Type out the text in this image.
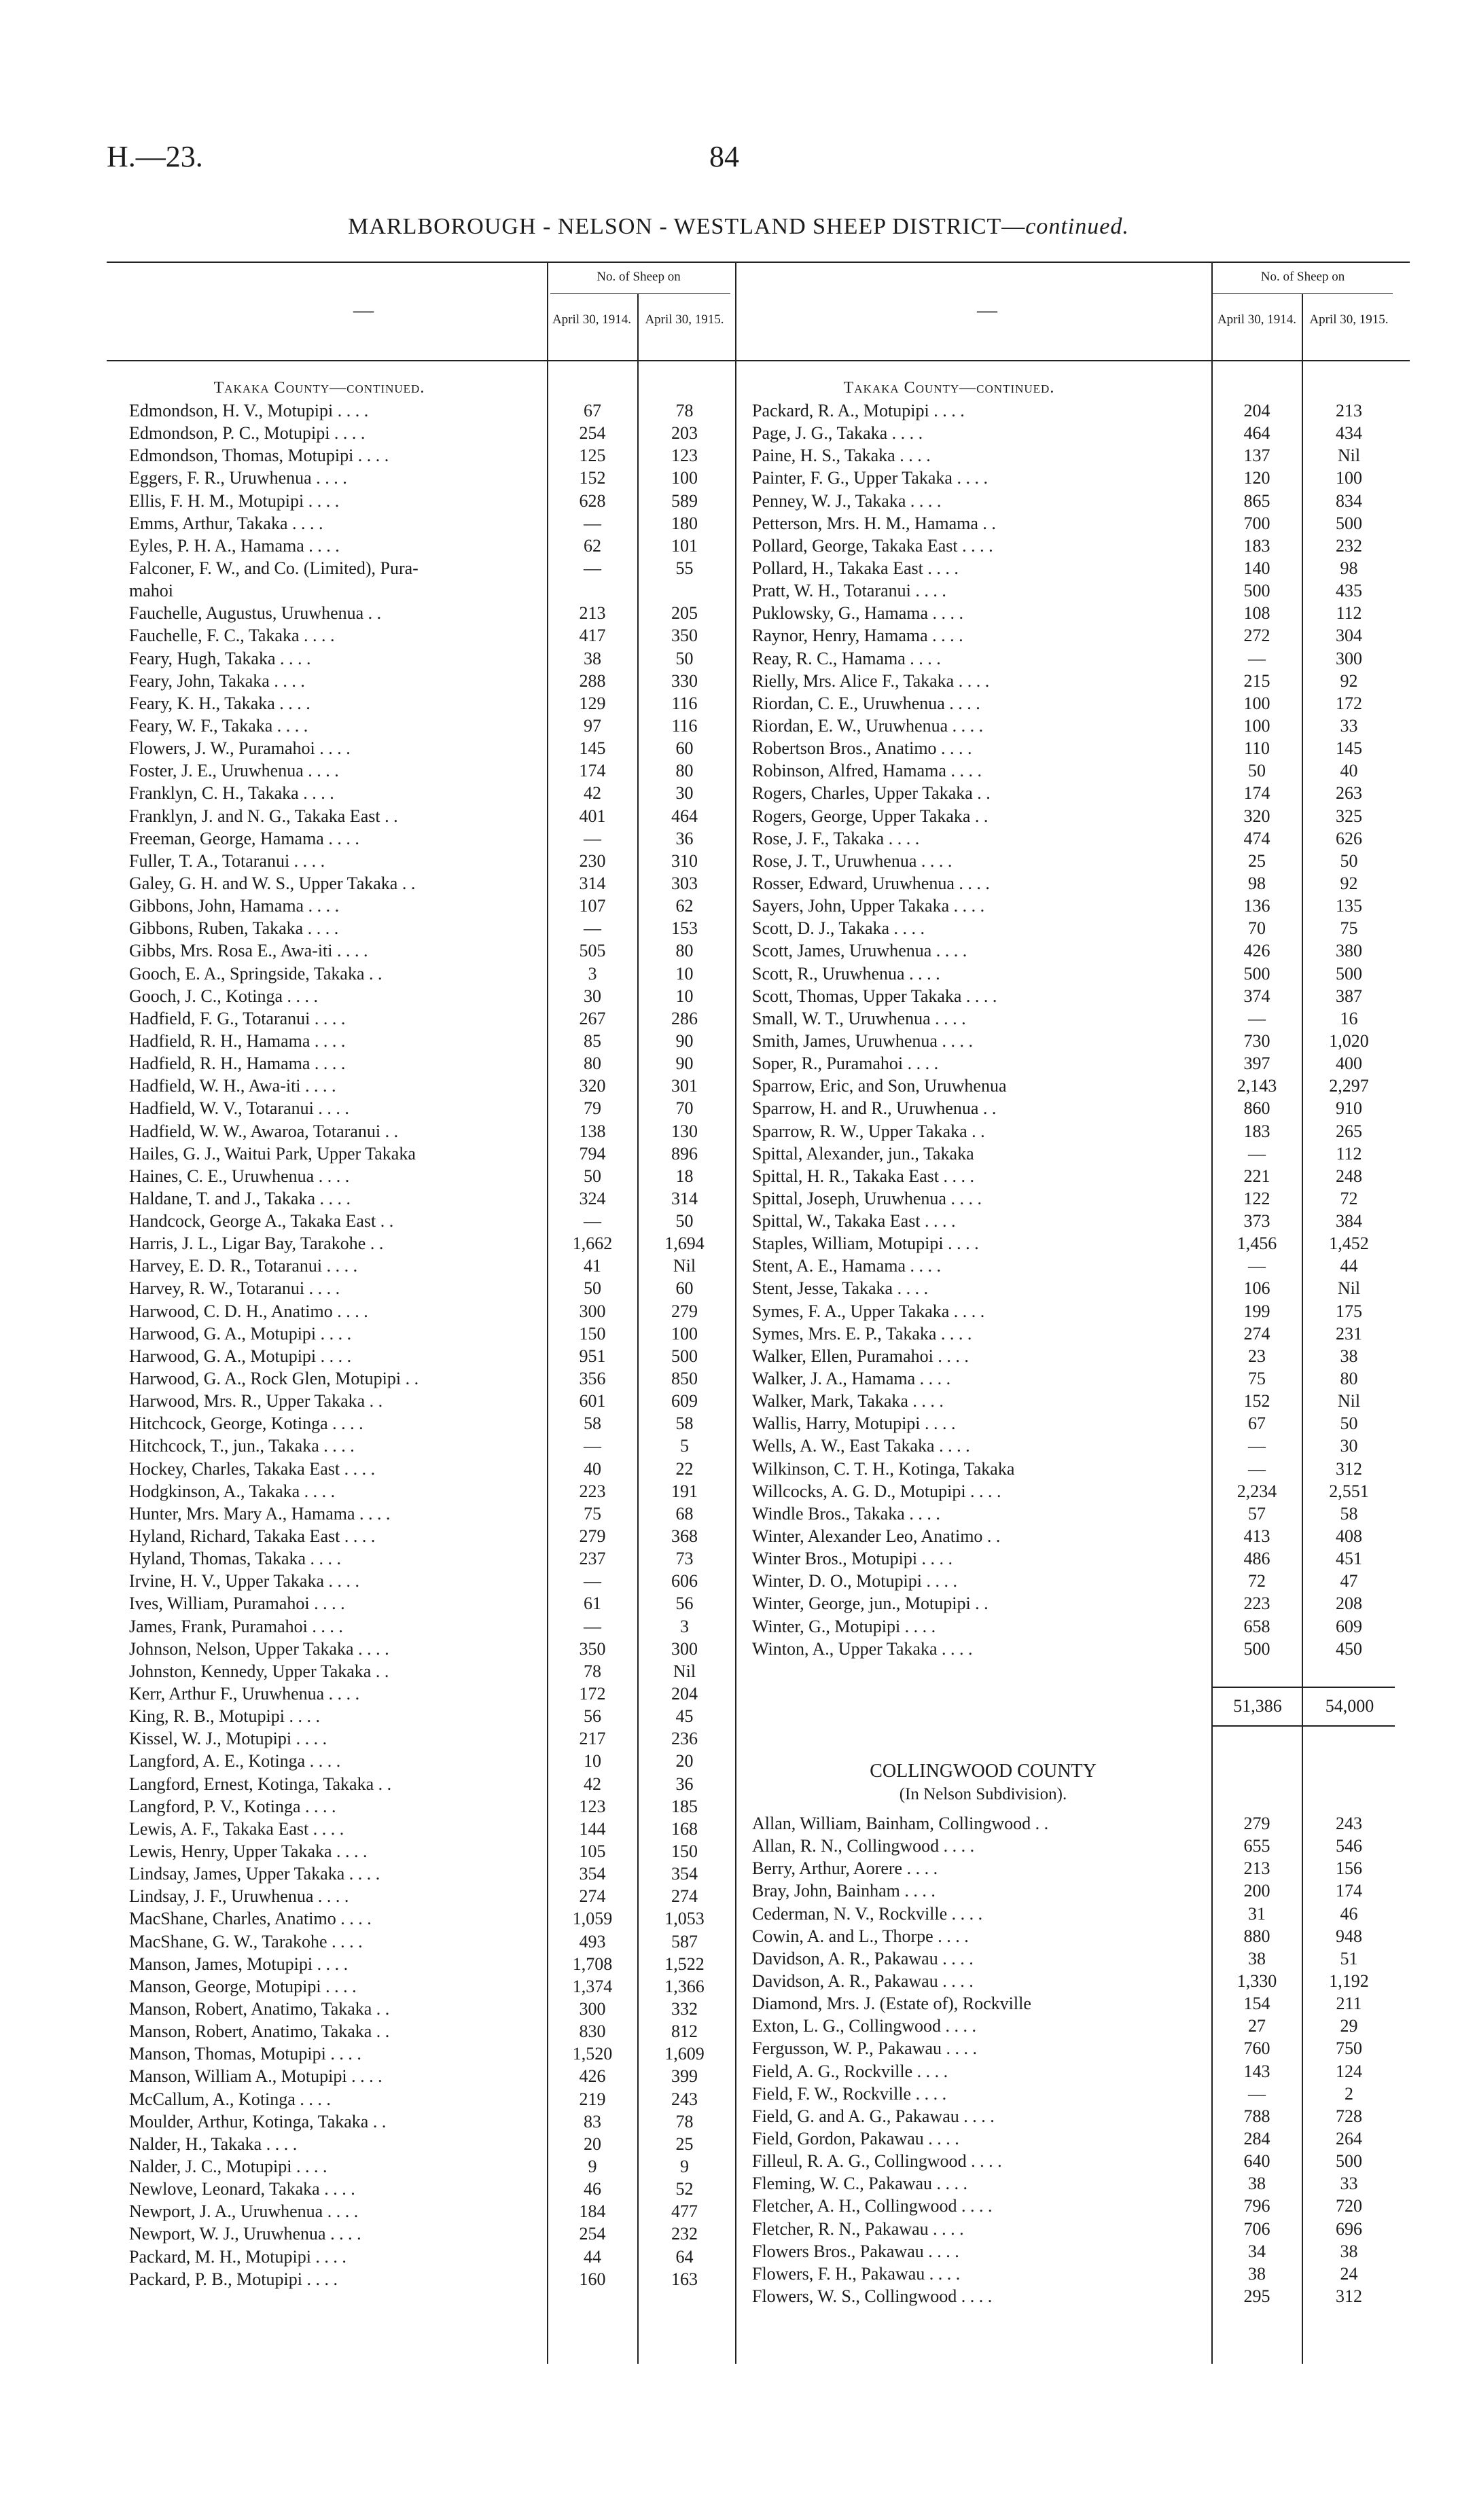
H.—23.	84
MARLBOROUGH - NELSON - WESTLAND SHEEP DISTRICT—continued.
—
No. of Sheep on
April 30, 1914.	April 30, 1915.	—
No. of Sheep on
April 30, 1914.	April 30, 1915.
Takaka County—continued.
Edmondson, H. V., Motupipi . . . .	67	78
Edmondson, P. C., Motupipi . . . .	254	203
Edmondson, Thomas, Motupipi . . . .	125	123
Eggers, F. R., Uruwhenua . . . .	152	100
Ellis, F. H. M., Motupipi . . . .	628	589
Emms, Arthur, Takaka . . . .	—	180
Eyles, P. H. A., Hamama . . . .	62	101
Falconer, F. W., and Co. (Limited), Pura-	—	55
mahoi
Fauchelle, Augustus, Uruwhenua . .	213	205
Fauchelle, F. C., Takaka . . . .	417	350
Feary, Hugh, Takaka . . . .	38	50
Feary, John, Takaka . . . .	288	330
Feary, K. H., Takaka . . . .	129	116
Feary, W. F., Takaka . . . .	97	116
Flowers, J. W., Puramahoi . . . .	145	60
Foster, J. E., Uruwhenua . . . .	174	80
Franklyn, C. H., Takaka . . . .	42	30
Franklyn, J. and N. G., Takaka East . .	401	464
Freeman, George, Hamama . . . .	—	36
Fuller, T. A., Totaranui . . . .	230	310
Galey, G. H. and W. S., Upper Takaka . .	314	303
Gibbons, John, Hamama . . . .	107	62
Gibbons, Ruben, Takaka . . . .	—	153
Gibbs, Mrs. Rosa E., Awa-iti . . . .	505	80
Gooch, E. A., Springside, Takaka . .	3	10
Gooch, J. C., Kotinga . . . .	30	10
Hadfield, F. G., Totaranui . . . .	267	286
Hadfield, R. H., Hamama . . . .	85	90
Hadfield, R. H., Hamama . . . .	80	90
Hadfield, W. H., Awa-iti . . . .	320	301
Hadfield, W. V., Totaranui . . . .	79	70
Hadfield, W. W., Awaroa, Totaranui . .	138	130
Hailes, G. J., Waitui Park, Upper Takaka	794	896
Haines, C. E., Uruwhenua . . . .	50	18
Haldane, T. and J., Takaka . . . .	324	314
Handcock, George A., Takaka East . .	—	50
Harris, J. L., Ligar Bay, Tarakohe . .	1,662	1,694
Harvey, E. D. R., Totaranui . . . .	41	Nil
Harvey, R. W., Totaranui . . . .	50	60
Harwood, C. D. H., Anatimo . . . .	300	279
Harwood, G. A., Motupipi . . . .	150	100
Harwood, G. A., Motupipi . . . .	951	500
Harwood, G. A., Rock Glen, Motupipi . .	356	850
Harwood, Mrs. R., Upper Takaka . .	601	609
Hitchcock, George, Kotinga . . . .	58	58
Hitchcock, T., jun., Takaka . . . .	—	5
Hockey, Charles, Takaka East . . . .	40	22
Hodgkinson, A., Takaka . . . .	223	191
Hunter, Mrs. Mary A., Hamama . . . .	75	68
Hyland, Richard, Takaka East . . . .	279	368
Hyland, Thomas, Takaka . . . .	237	73
Irvine, H. V., Upper Takaka . . . .	—	606
Ives, William, Puramahoi . . . .	61	56
James, Frank, Puramahoi . . . .	—	3
Johnson, Nelson, Upper Takaka . . . .	350	300
Johnston, Kennedy, Upper Takaka . .	78	Nil
Kerr, Arthur F., Uruwhenua . . . .	172	204
King, R. B., Motupipi . . . .	56	45
Kissel, W. J., Motupipi . . . .	217	236
Langford, A. E., Kotinga . . . .	10	20
Langford, Ernest, Kotinga, Takaka . .	42	36
Langford, P. V., Kotinga . . . .	123	185
Lewis, A. F., Takaka East . . . .	144	168
Lewis, Henry, Upper Takaka . . . .	105	150
Lindsay, James, Upper Takaka . . . .	354	354
Lindsay, J. F., Uruwhenua . . . .	274	274
MacShane, Charles, Anatimo . . . .	1,059	1,053
MacShane, G. W., Tarakohe . . . .	493	587
Manson, James, Motupipi . . . .	1,708	1,522
Manson, George, Motupipi . . . .	1,374	1,366
Manson, Robert, Anatimo, Takaka . .	300	332
Manson, Robert, Anatimo, Takaka . .	830	812
Manson, Thomas, Motupipi . . . .	1,520	1,609
Manson, William A., Motupipi . . . .	426	399
McCallum, A., Kotinga . . . .	219	243
Moulder, Arthur, Kotinga, Takaka . .	83	78
Nalder, H., Takaka . . . .	20	25
Nalder, J. C., Motupipi . . . .	9	9
Newlove, Leonard, Takaka . . . .	46	52
Newport, J. A., Uruwhenua . . . .	184	477
Newport, W. J., Uruwhenua . . . .	254	232
Packard, M. H., Motupipi . . . .	44	64
Packard, P. B., Motupipi . . . .	160	163
Takaka County—continued.
Packard, R. A., Motupipi . . . .	204	213
Page, J. G., Takaka . . . .	464	434
Paine, H. S., Takaka . . . .	137	Nil
Painter, F. G., Upper Takaka . . . .	120	100
Penney, W. J., Takaka . . . .	865	834
Petterson, Mrs. H. M., Hamama . .	700	500
Pollard, George, Takaka East . . . .	183	232
Pollard, H., Takaka East . . . .	140	98
Pratt, W. H., Totaranui . . . .	500	435
Puklowsky, G., Hamama . . . .	108	112
Raynor, Henry, Hamama . . . .	272	304
Reay, R. C., Hamama . . . .	—	300
Rielly, Mrs. Alice F., Takaka . . . .	215	92
Riordan, C. E., Uruwhenua . . . .	100	172
Riordan, E. W., Uruwhenua . . . .	100	33
Robertson Bros., Anatimo . . . .	110	145
Robinson, Alfred, Hamama . . . .	50	40
Rogers, Charles, Upper Takaka . .	174	263
Rogers, George, Upper Takaka . .	320	325
Rose, J. F., Takaka . . . .	474	626
Rose, J. T., Uruwhenua . . . .	25	50
Rosser, Edward, Uruwhenua . . . .	98	92
Sayers, John, Upper Takaka . . . .	136	135
Scott, D. J., Takaka . . . .	70	75
Scott, James, Uruwhenua . . . .	426	380
Scott, R., Uruwhenua . . . .	500	500
Scott, Thomas, Upper Takaka . . . .	374	387
Small, W. T., Uruwhenua . . . .	—	16
Smith, James, Uruwhenua . . . .	730	1,020
Soper, R., Puramahoi . . . .	397	400
Sparrow, Eric, and Son, Uruwhenua	2,143	2,297
Sparrow, H. and R., Uruwhenua . .	860	910
Sparrow, R. W., Upper Takaka . .	183	265
Spittal, Alexander, jun., Takaka	—	112
Spittal, H. R., Takaka East . . . .	221	248
Spittal, Joseph, Uruwhenua . . . .	122	72
Spittal, W., Takaka East . . . .	373	384
Staples, William, Motupipi . . . .	1,456	1,452
Stent, A. E., Hamama . . . .	—	44
Stent, Jesse, Takaka . . . .	106	Nil
Symes, F. A., Upper Takaka . . . .	199	175
Symes, Mrs. E. P., Takaka . . . .	274	231
Walker, Ellen, Puramahoi . . . .	23	38
Walker, J. A., Hamama . . . .	75	80
Walker, Mark, Takaka . . . .	152	Nil
Wallis, Harry, Motupipi . . . .	67	50
Wells, A. W., East Takaka . . . .	—	30
Wilkinson, C. T. H., Kotinga, Takaka	—	312
Willcocks, A. G. D., Motupipi . . . .	2,234	2,551
Windle Bros., Takaka . . . .	57	58
Winter, Alexander Leo, Anatimo . .	413	408
Winter Bros., Motupipi . . . .	486	451
Winter, D. O., Motupipi . . . .	72	47
Winter, George, jun., Motupipi . .	223	208
Winter, G., Motupipi . . . .	658	609
Winton, A., Upper Takaka . . . .	500	450
51,386	54,000
COLLINGWOOD COUNTY
(In Nelson Subdivision).
Allan, William, Bainham, Collingwood . .	279	243
Allan, R. N., Collingwood . . . .	655	546
Berry, Arthur, Aorere . . . .	213	156
Bray, John, Bainham . . . .	200	174
Cederman, N. V., Rockville . . . .	31	46
Cowin, A. and L., Thorpe . . . .	880	948
Davidson, A. R., Pakawau . . . .	38	51
Davidson, A. R., Pakawau . . . .	1,330	1,192
Diamond, Mrs. J. (Estate of), Rockville	154	211
Exton, L. G., Collingwood . . . .	27	29
Fergusson, W. P., Pakawau . . . .	760	750
Field, A. G., Rockville . . . .	143	124
Field, F. W., Rockville . . . .	—	2
Field, G. and A. G., Pakawau . . . .	788	728
Field, Gordon, Pakawau . . . .	284	264
Filleul, R. A. G., Collingwood . . . .	640	500
Fleming, W. C., Pakawau . . . .	38	33
Fletcher, A. H., Collingwood . . . .	796	720
Fletcher, R. N., Pakawau . . . .	706	696
Flowers Bros., Pakawau . . . .	34	38
Flowers, F. H., Pakawau . . . .	38	24
Flowers, W. S., Collingwood . . . .	295	312
